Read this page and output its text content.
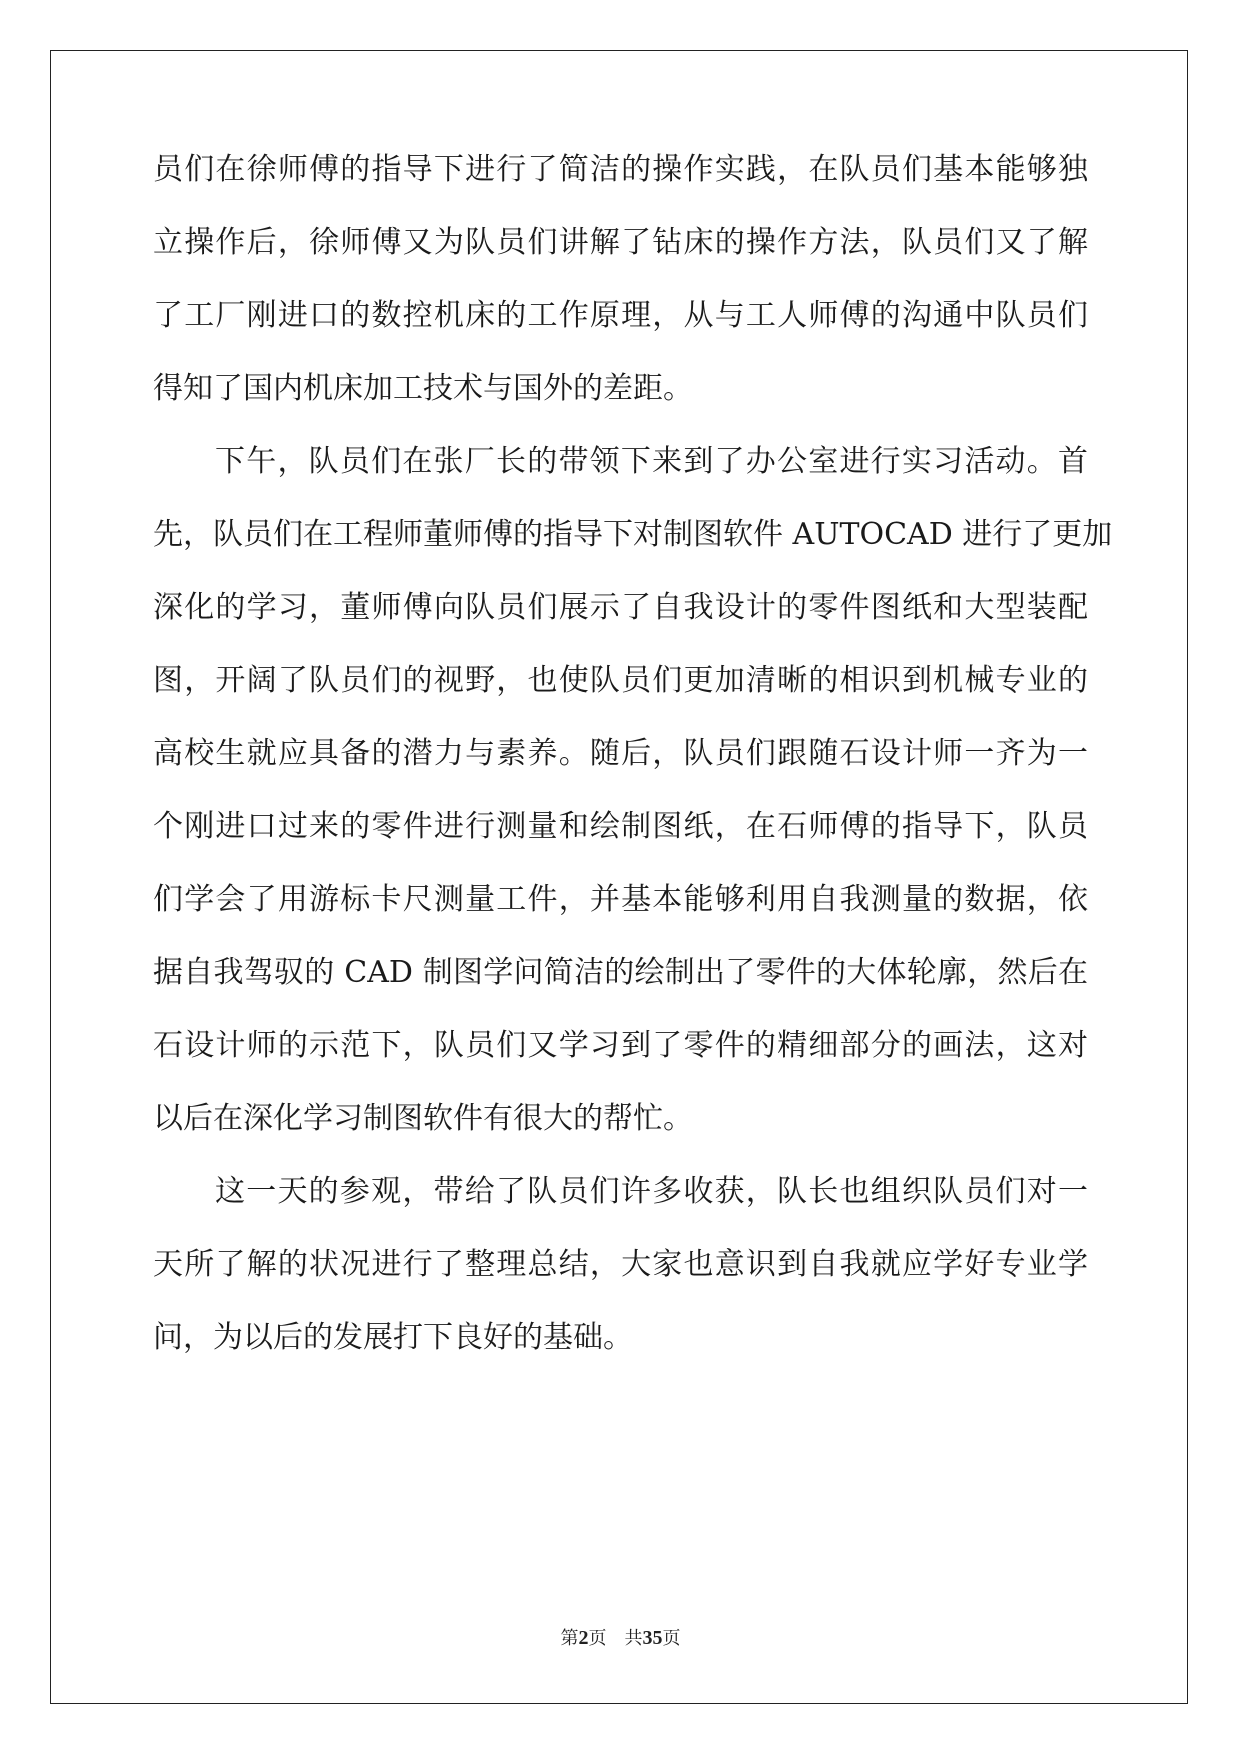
员们在徐师傅的指导下进行了简洁的操作实践，在队员们基本能够独
立操作后，徐师傅又为队员们讲解了钻床的操作方法，队员们又了解
了工厂刚进口的数控机床的工作原理，从与工人师傅的沟通中队员们
得知了国内机床加工技术与国外的差距。
下午，队员们在张厂长的带领下来到了办公室进行实习活动。首
先，队员们在工程师董师傅的指导下对制图软件 AUTOCAD 进行了更加
深化的学习，董师傅向队员们展示了自我设计的零件图纸和大型装配
图，开阔了队员们的视野，也使队员们更加清晰的相识到机械专业的
高校生就应具备的潜力与素养。随后，队员们跟随石设计师一齐为一
个刚进口过来的零件进行测量和绘制图纸，在石师傅的指导下，队员
们学会了用游标卡尺测量工件，并基本能够利用自我测量的数据，依
据自我驾驭的 CAD 制图学问简洁的绘制出了零件的大体轮廓，然后在
石设计师的示范下，队员们又学习到了零件的精细部分的画法，这对
以后在深化学习制图软件有很大的帮忙。
这一天的参观，带给了队员们许多收获，队长也组织队员们对一
天所了解的状况进行了整理总结，大家也意识到自我就应学好专业学
问，为以后的发展打下良好的基础。
第2页 共35页
